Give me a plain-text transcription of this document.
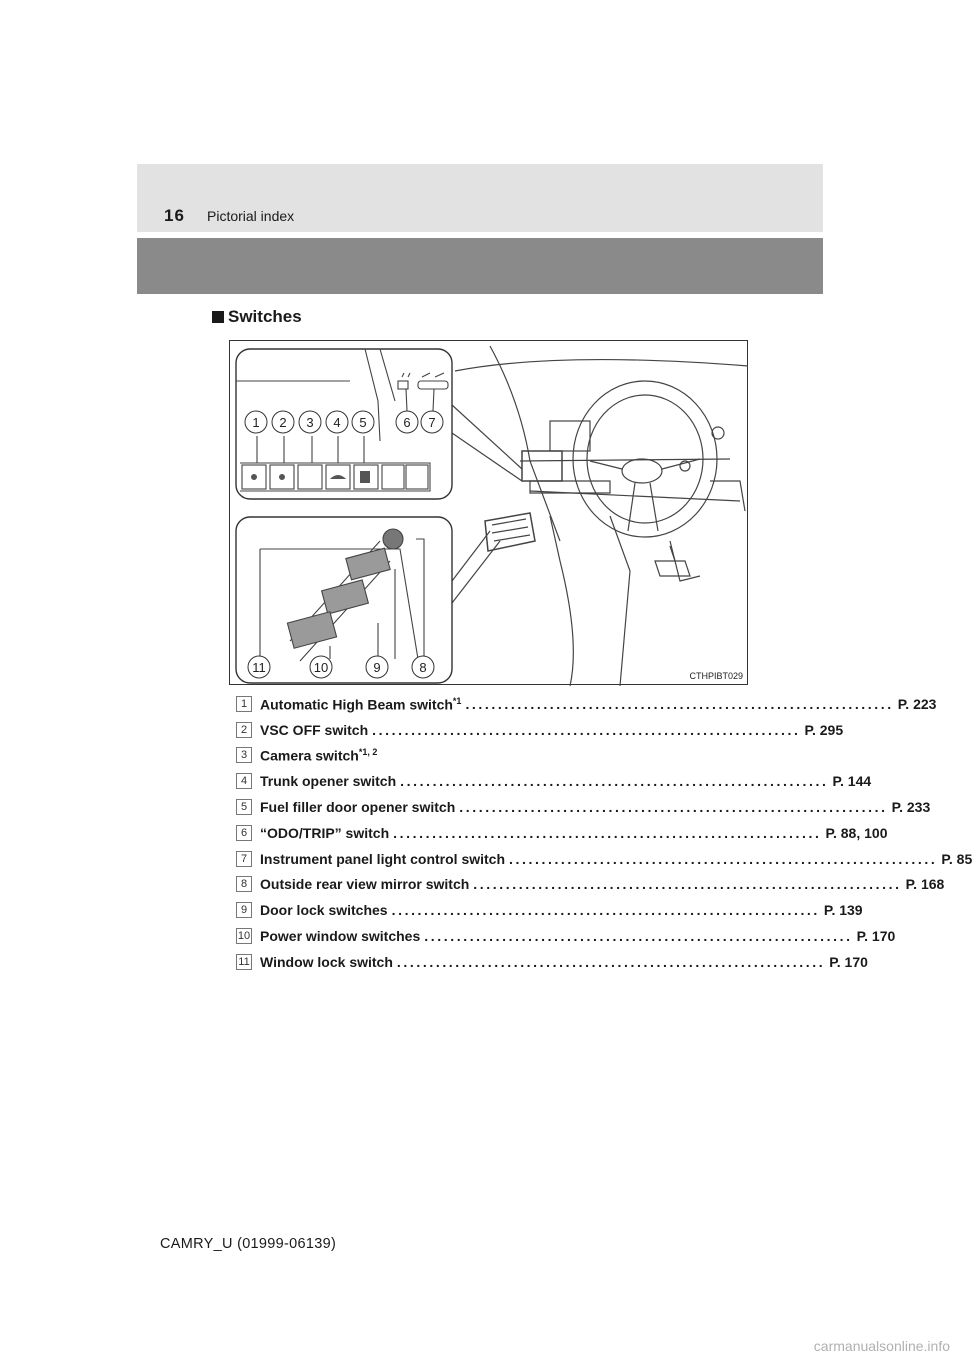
16 Pictorial index
Switches
CTHPIBT029
1 2 3 4 5	6 7
8
9
10
11
1 Automatic High Beam switch$^{*1}$ .................................................................. P. 223
2 VSC OFF switch .................................................................. P. 295
3 Camera switch$^{*1, 2}$
4 Trunk opener switch .................................................................. P. 144
5 Fuel filler door opener switch .................................................................. P. 233
6 “ODO/TRIP” switch .................................................................. P. 88, 100
7 Instrument panel light control switch .................................................................. P. 85
8 Outside rear view mirror switch .................................................................. P. 168
9 Door lock switches .................................................................. P. 139
10 Power window switches .................................................................. P. 170
11 Window lock switch .................................................................. P. 170
CAMRY_U (01999-06139)
carmanualsonline.info
